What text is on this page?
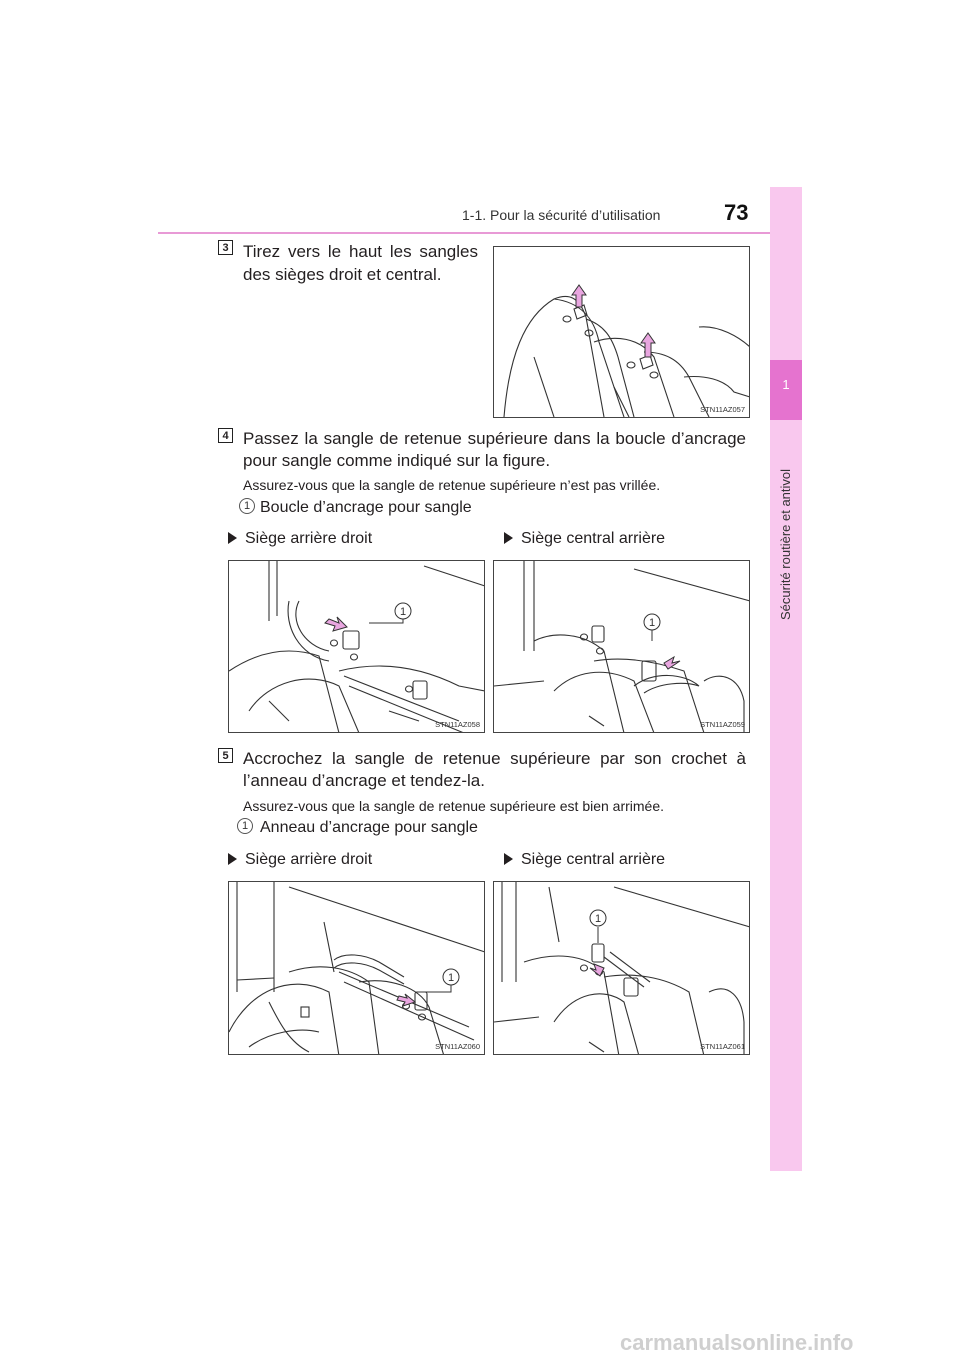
1-1. Pour la sécurité d’utilisation	73
1
Sécurité routière et antivol
3 Tirez vers le haut les sangles des sièges droit et central.
STN11AZ057
4 Passez la sangle de retenue supérieure dans la boucle d’ancrage pour sangle comme indiqué sur la figure.
Assurez-vous que la sangle de retenue supérieure n’est pas vrillée.
1 Boucle d’ancrage pour sangle
Siège arrière droit	Siège central arrière
1
STN11AZ058
1
STN11AZ059
5 Accrochez la sangle de retenue supérieure par son crochet à l’anneau d’ancrage et tendez-la.
Assurez-vous que la sangle de retenue supérieure est bien arrimée.
1 Anneau d’ancrage pour sangle
Siège arrière droit	Siège central arrière
1
STN11AZ060
1
STN11AZ061
carmanualsonline.info
